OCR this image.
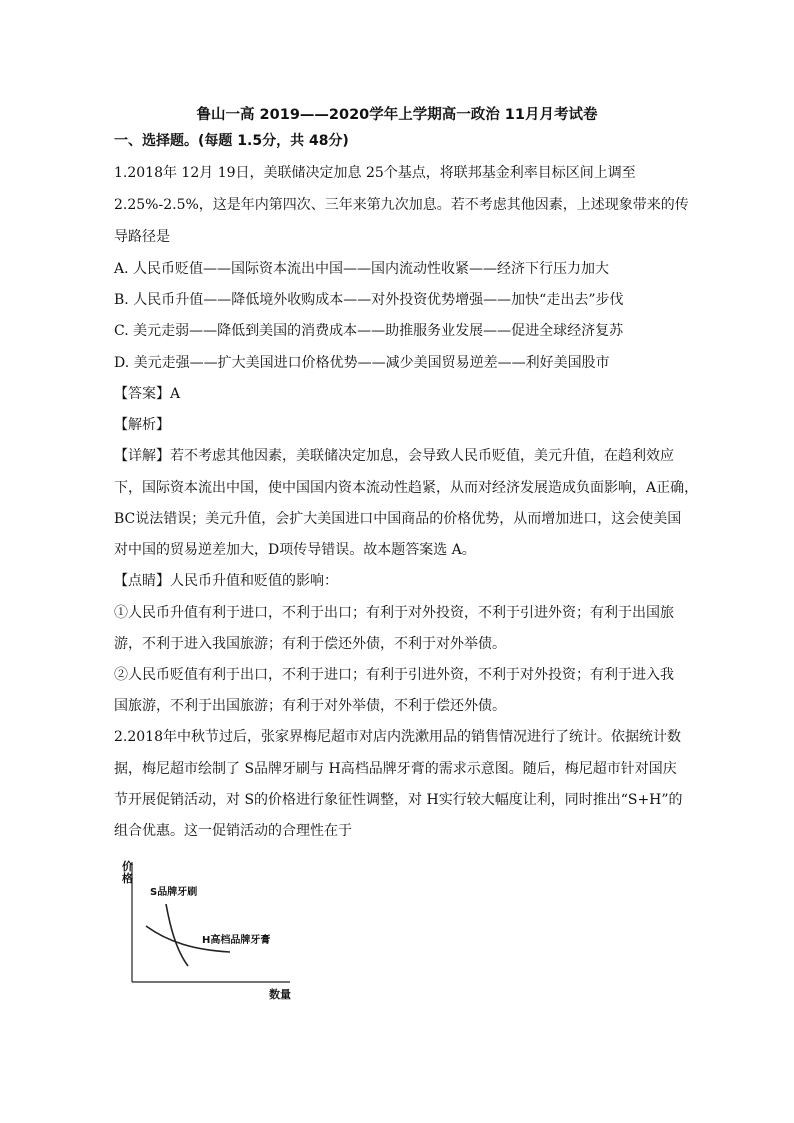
鲁山一高 2019——2020学年上学期高一政治 11月月考试卷
一、选择题。(每题 1.5分，共 48分)
1.2018年 12月 19日，美联储决定加息 25个基点，将联邦基金利率目标区间上调至
2.25%-2.5%，这是年内第四次、三年来第九次加息。若不考虑其他因素，上述现象带来的传
导路径是
A. 人民币贬值——国际资本流出中国——国内流动性收紧——经济下行压力加大
B. 人民币升值——降低境外收购成本——对外投资优势增强——加快“走出去”步伐
C. 美元走弱——降低到美国的消费成本——助推服务业发展——促进全球经济复苏
D. 美元走强——扩大美国进口价格优势——减少美国贸易逆差——利好美国股市
【答案】A
【解析】
【详解】若不考虑其他因素，美联储决定加息，会导致人民币贬值，美元升值，在趋利效应
下，国际资本流出中国，使中国国内资本流动性趋紧，从而对经济发展造成负面影响，A正确，
BC说法错误；美元升值，会扩大美国进口中国商品的价格优势，从而增加进口，这会使美国
对中国的贸易逆差加大，D项传导错误。故本题答案选 A。
【点睛】人民币升值和贬值的影响：
①人民币升值有利于进口，不利于出口；有利于对外投资，不利于引进外资；有利于出国旅
游，不利于进入我国旅游；有利于偿还外债，不利于对外举债。
②人民币贬值有利于出口，不利于进口；有利于引进外资，不利于对外投资；有利于进入我
国旅游，不利于出国旅游；有利于对外举债，不利于偿还外债。
2.2018年中秋节过后，张家界梅尼超市对店内洗漱用品的销售情况进行了统计。依据统计数
据，梅尼超市绘制了 S品牌牙刷与 H高档品牌牙膏的需求示意图。随后，梅尼超市针对国庆
节开展促销活动，对 S的价格进行象征性调整，对 H实行较大幅度让利，同时推出“S+H”的
组合优惠。这一促销活动的合理性在于
价
格
S品牌牙刷
H高档品牌牙膏
数量
